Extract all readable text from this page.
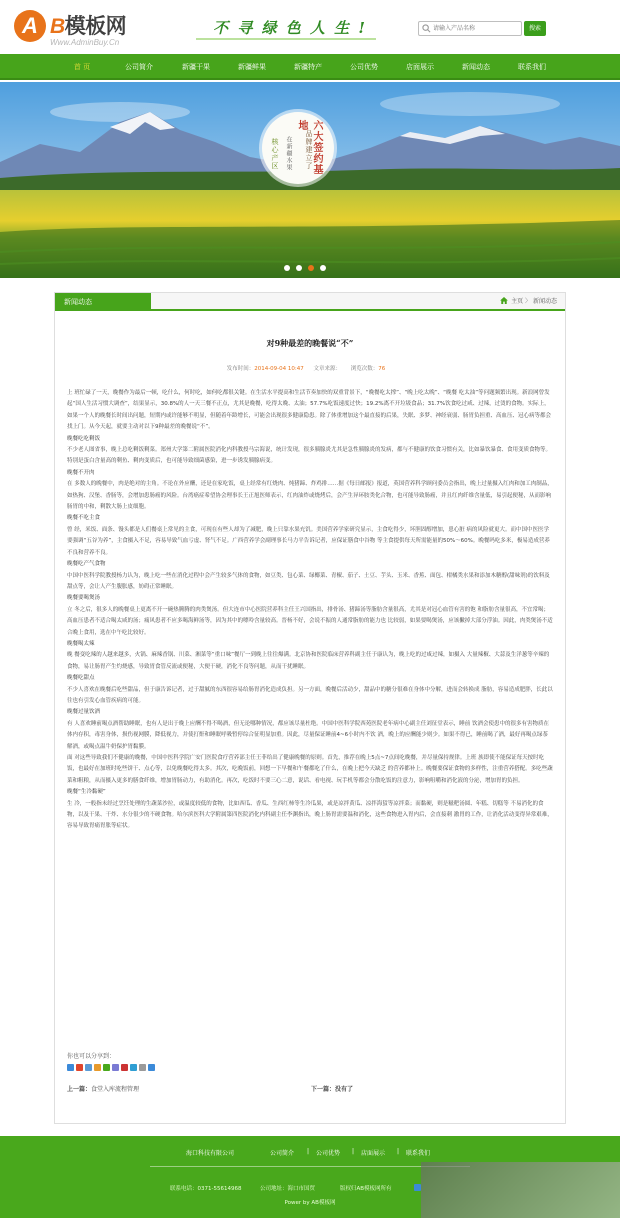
A B模板网
Www.AdminBuy.Cn
不 寻 绿 色 人 生 !
请输入产品名称	搜索
首 页	公司简介	新疆干果	新疆鲜果	新疆特产	公司优势	店面展示	新闻动态	联系我们
品牌建立了
六大签约基地
在新疆水果
核心产区
新闻动态	主页 〉 新闻动态
对9种最差的晚餐说“不”
发布时间：2014-09-04 10:47 文章来源： 浏览次数：76

上 班忙碌了一天，晚餐作为最后一顿，吃什么，何时吃，如何吃都很关键。在生活水平提高和生活节奏加快的双重背景下，“晚餐吃太撑”、“晚上吃太晚”、“晚餐 吃太油”等问题频繁出现。新浪网曾发起“国人生活习惯大调查”，结果显示，30.8%的人一天三餐不正点，尤其是晚餐，吃得太晚、太油；57.7%吃饭速度过快；19.2%离不开垃圾食品；31.7%饮食吃过咸、过辣，过烫的食物。实际上，如果一个人的晚餐长时间出问题，短期内或许能够不明显，但随着年龄增长，可能会出现很多健康隐患。除了体重增加这个最直接的后果，失眠、多梦、神经衰弱、肠胃负担重、高血压、冠心病等都会找上门。从今天起，就要主动对以下9种最差的晚餐说“不”。

晚餐吃吃剩饭

不少老人图省事，晚上总吃剩饭剩菜。郑州大学第二附属医院消化内科教授马宗海说，统计发现，很多胰腺炎尤其是急性胰腺炎的发病，都与不健康的饮食习惯有关，比如暴饮暴食、食用变质食物等。特别是蛋白含量高的剩鱼、剩肉变质后，也可能导致细菌感染，进一步诱发胰腺病变。

晚餐不开肉

在 多数人的晚餐中，肉是绝对的主角。不论在外应酬，还是在家吃饭，桌上经常有红烧肉、炖猪蹄、炸鸡排……据《每日邮报》报道，英国营养科学顾问委员会指出，晚上过量摄入红肉和加工肉制品，如热狗、汉堡、香肠等，会增加患肠癌的风险。台湾癌症希望协会理事长王正旭医师表示，红肉油炸或烧烤后，会产生异环胺类化合物，也可能导致肠癌，并且红肉纤维含量低，易引起便秘，从而影响肠胃的中和，剩散大肠上皮细胞。

晚餐不吃主食

曾 经，米饭、面条、馒头都是人们餐桌上常见的主食，可现在有些人却为了减肥，晚上只靠水果充饥。美国营养学家研究显示，主食吃得少，坏胆固醇增加，患心脏 病的风险就更大。而中国中医医学要强调“五谷为养”，主食摄入不足，容易导致气血亏虚、肾气不足。广西营养学会副理事长马力平告诉记者，应保证膳食中谷物 等主食提供每天所需能量的50%～60%。晚餐吗吃多米，极易造成营养不良和营养不良。

晚餐吃产气食物

中国中医科学院教授杨力认为，晚上吃一些在消化过程中会产生较多气体的食物，如豆类、包心菜、绿椰菜、青椒、茄子、土豆、芋头、玉米、香蕉、面包、柑橘类水果和添加木糖醇(甜味剂)的饮料及甜点等，会让人产生腹胀感，妨碍正常睡眠。

晚餐要喝煲汤

立 冬之后，很多人的晚餐桌上更离不开一碗热腾腾的肉类煲汤。但大连市中心医院营养科主任王兴国指出，排骨汤、猪蹄汤等脂肪含量很高，尤其是对冠心血管有害的饱 和脂肪含量很高，不宜常喝；高血压患者不适合喝太咸的汤；痛风患者不应多喝海鲜汤等，因为其中的嘌呤含量较高。晋杨不好，会说不振的人通常脂肪的能力也 比较弱，如果要喝煲汤，应该撇掉大部分浮油。因此，肉类煲汤不适合晚上食用，选在中午吃比较好。

晚餐喝太辣

晚 餐变吃辣的人越来越多，火锅、麻辣香锅、川菜、湘菜等“重口味”餐厅一到晚上往往爆满。北京协和医院临床营养科副主任于康认为，晚上吃的过咸过辣，如摄入 大量辣椒、大蒜及生洋葱等辛辣的食物，易让肠胃产生灼烧感，导致胃食管反流或便秘，大便干硬，消化不良等问题，从而干扰睡眠。

晚餐吃甜点

不少人喜欢在晚餐后吃些甜品，但于康告诉记者，过于甜腻的东西很容易给肠胃消化造成负担。另一方面，晚餐后活动少，甜品中的糖分很难在身体中分解，进而会转换成 脂肪，容易造成肥胖，长此以往也有引发心血管疾病的可能。

晚餐过量饮酒

有 人喜欢睡前喝点酒帮助睡眠，也有人是出于晚上应酬不得不喝酒，但无论哪种情况，都应该尽量杜绝。中国中医科学院西苑医院老年病中心副主任刘征堂表示，睡前 饮酒会使患中的很多有害物质在体内存积，毒害身体，损伤视网膜，降低视力，并使打鼾和睡眠呼吸暂停综合征明显加重。因此，尽量保证睡前4~6小时内不饮 酒，晚上的应酬能少则少。如果不得已，睡前喝了酒，最好再喝点绿茶解酒，或喝点温牛奶保护胃黏膜。

面 对这些导致我们不健康的晚餐，中国中医科学院广安门医院食疗营养部主任王菲给出了健康晚餐的原则。首先，推荐在晚上5点~7点间吃晚餐，并尽量保持规律。上班 族即使不能保证每天按时吃饭，也最好在加班时吃些饼干、点心等，以免晚餐吃得太多。其次，吃晚饭前，回想一下早餐和午餐都吃了什么，在晚上把今天缺乏 的营养都补上。晚餐要保证食物的多样性，注重营养搭配。多吃些蔬菜和粗粮，从而摄入更多的膳食纤维，增加胃肠动力，有助消化。再次，吃饭时不要三心二意，说话、看电视、玩手机等都会分散吃饭的注意力，影响咀嚼和消化液的分泌，增加胃的负担。

晚餐“生冷黏硬”

生 冷，一般指未经过烹饪处理的生蔬菜沙拉，或温度较低的食物，比如西瓜、香瓜、生西红柿等生冷瓜果，或是凉拌黄瓜、凉拌海蜇等凉拌菜；而黏硬，则是糍粑汤圆、年糕、切糕等 不易消化的食物，以及干果、干炸、水分很少的不硬食物。哈尔滨医科大学附属第四医院消化内科副主任李渊指出，晚上肠胃需要温和消化，这些食物进入胃内后，会直接刺 激胃的工作，让消化活动变得异常艰难，容易导致胃痛胃胀等症状。

你也可以分享到：
上一篇：食堂入库流程管理	下一篇：没有了
海口科技有限公司	公司简介 | 公司优势 | 店面展示 | 联系我们
联系电话：0371-55614968	公司地址：海口市国贸	版权归AB模板网所有
Power by AB模板网
